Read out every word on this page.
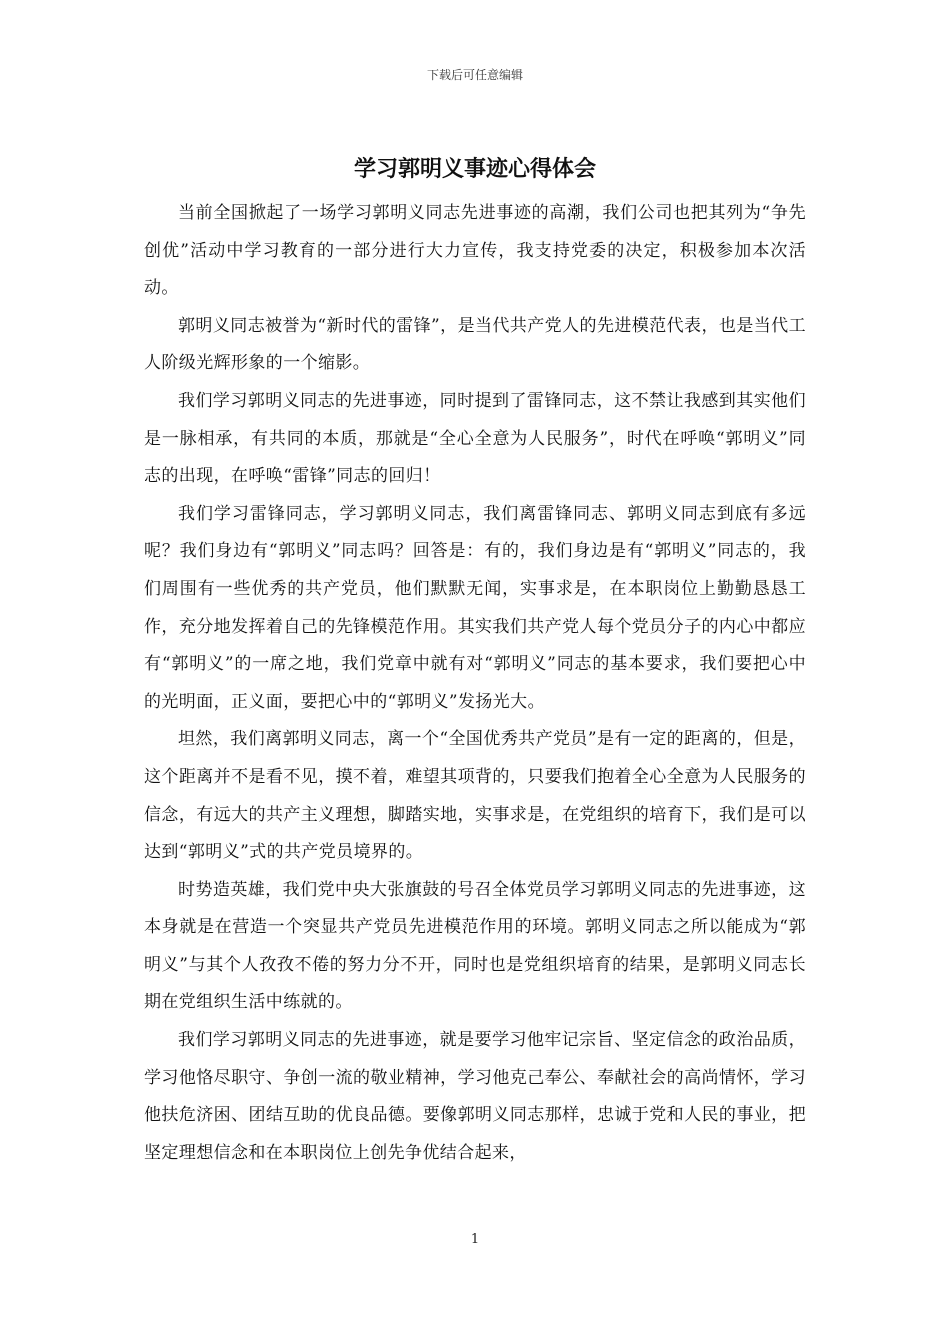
下载后可任意编辑
学习郭明义事迹心得体会

当前全国掀起了一场学习郭明义同志先进事迹的高潮，我们公司也把其列为“争先创优”活动中学习教育的一部分进行大力宣传，我支持党委的决定，积极参加本次活动。

郭明义同志被誉为“新时代的雷锋”，是当代共产党人的先进模范代表，也是当代工人阶级光辉形象的一个缩影。

我们学习郭明义同志的先进事迹，同时提到了雷锋同志，这不禁让我感到其实他们是一脉相承，有共同的本质，那就是“全心全意为人民服务”，时代在呼唤“郭明义”同志的出现，在呼唤“雷锋”同志的回归！

我们学习雷锋同志，学习郭明义同志，我们离雷锋同志、郭明义同志到底有多远呢？我们身边有“郭明义”同志吗？回答是：有的，我们身边是有“郭明义”同志的，我们周围有一些优秀的共产党员，他们默默无闻，实事求是，在本职岗位上勤勤恳恳工作，充分地发挥着自己的先锋模范作用。其实我们共产党人每个党员分子的内心中都应有“郭明义”的一席之地，我们党章中就有对“郭明义”同志的基本要求，我们要把心中的光明面，正义面，要把心中的“郭明义”发扬光大。

坦然，我们离郭明义同志，离一个“全国优秀共产党员”是有一定的距离的，但是，这个距离并不是看不见，摸不着，难望其项背的，只要我们抱着全心全意为人民服务的信念，有远大的共产主义理想，脚踏实地，实事求是，在党组织的培育下，我们是可以达到“郭明义”式的共产党员境界的。

时势造英雄，我们党中央大张旗鼓的号召全体党员学习郭明义同志的先进事迹，这本身就是在营造一个突显共产党员先进模范作用的环境。郭明义同志之所以能成为“郭明义”与其个人孜孜不倦的努力分不开，同时也是党组织培育的结果，是郭明义同志长期在党组织生活中练就的。

我们学习郭明义同志的先进事迹，就是要学习他牢记宗旨、坚定信念的政治品质，学习他恪尽职守、争创一流的敬业精神，学习他克己奉公、奉献社会的高尚情怀，学习他扶危济困、团结互助的优良品德。要像郭明义同志那样，忠诚于党和人民的事业，把坚定理想信念和在本职岗位上创先争优结合起来，

1
